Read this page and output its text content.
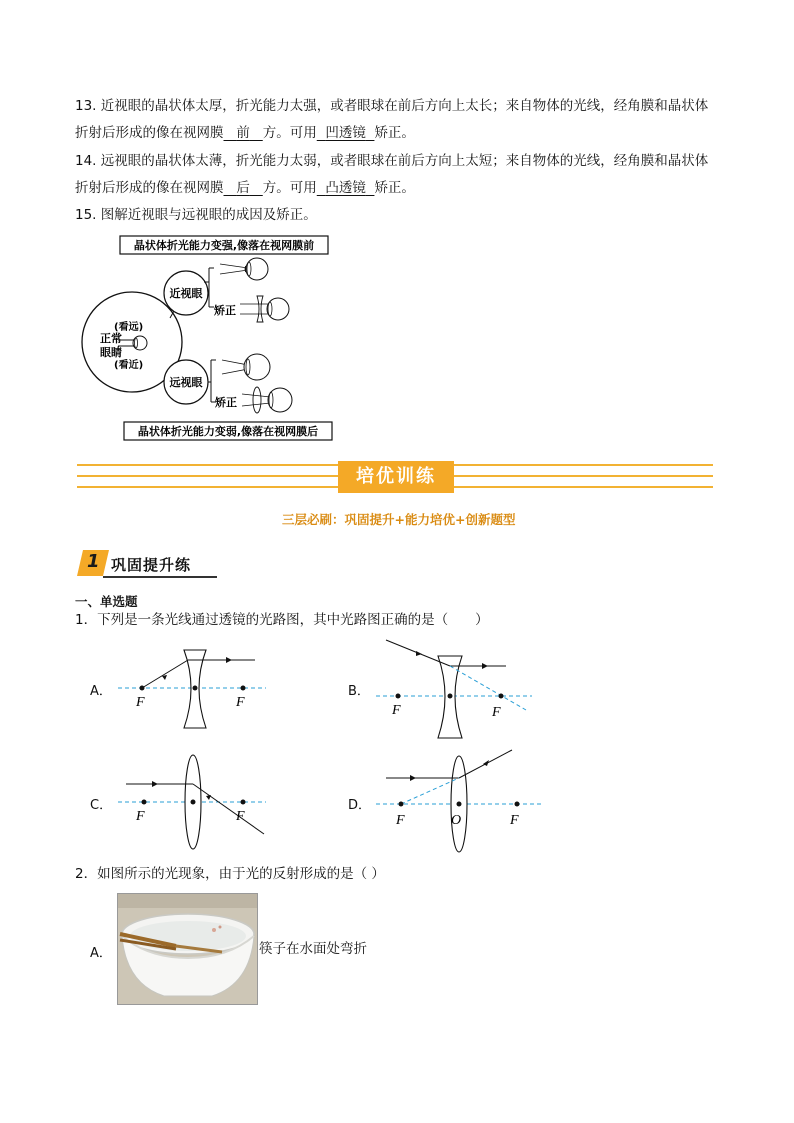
13. 近视眼的晶状体太厚，折光能力太强，或者眼球在前后方向上太长；来自物体的光线，经角膜和晶状体
折射后形成的像在视网膜 前 方。可用 凹透镜 矫正。
14. 远视眼的晶状体太薄，折光能力太弱，或者眼球在前后方向上太短；来自物体的光线，经角膜和晶状体
折射后形成的像在视网膜 后 方。可用 凸透镜 矫正。
15. 图解近视眼与远视眼的成因及矫正。
晶状体折光能力变强,像落在视网膜前
晶状体折光能力变弱,像落在视网膜后
正常
眼睛
(看远)
(看近)
近视眼
矫正
远视眼
矫正
培优训练
三层必刷：巩固提升+能力培优+创新题型
1 巩固提升练
一、单选题
1．下列是一条光线通过透镜的光路图，其中光路图正确的是（　　）
A．
F	F
B．
F	F
C．
F	F
D．
F	O	F
2．如图所示的光现象，由于光的反射形成的是（ ）
A．	筷子在水面处弯折
